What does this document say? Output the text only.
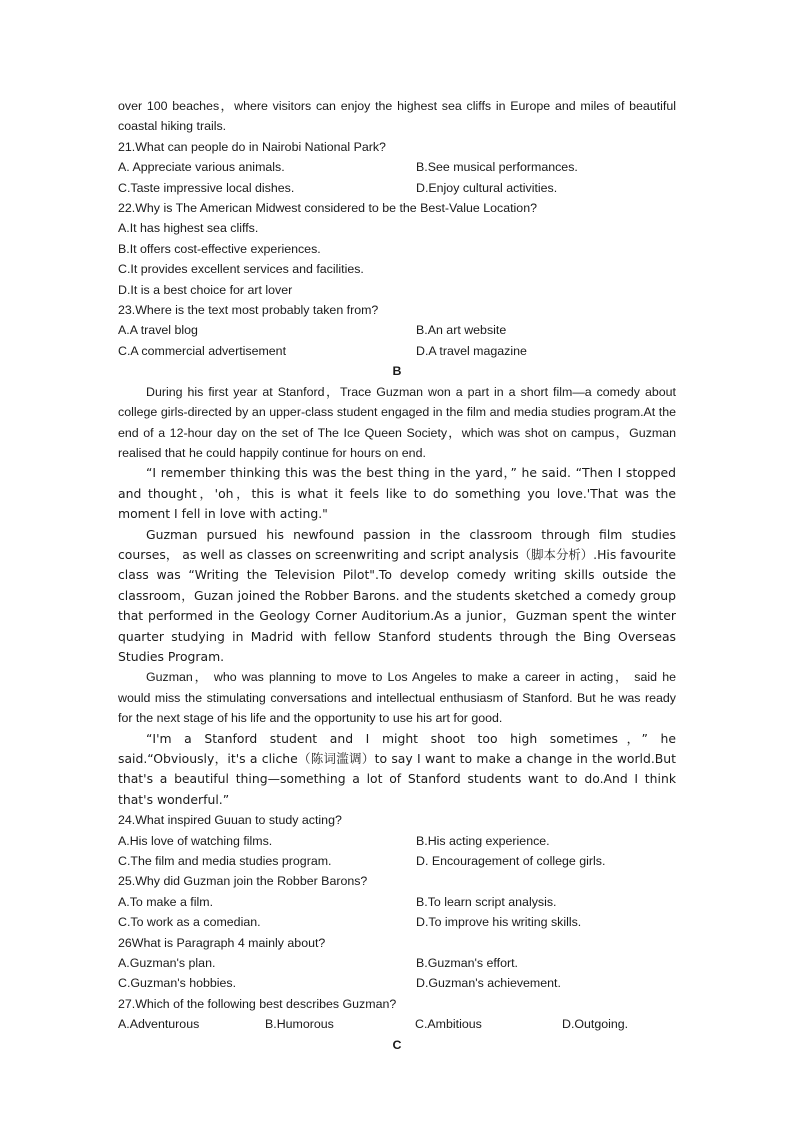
over 100 beaches，where visitors can enjoy the highest sea cliffs in Europe and miles of beautiful coastal hiking trails.

21.What can people do in Nairobi National Park?

A. Appreciate various animals.	B.See musical performances.
C.Taste impressive local dishes.	D.Enjoy cultural activities.

22.Why is The American Midwest considered to be the Best-Value Location?

A.It has highest sea cliffs.

B.It offers cost-effective experiences.

C.It provides excellent services and facilities.

D.It is a best choice for art lover

23.Where is the text most probably taken from?

A.A travel blog	B.An art website
C.A commercial advertisement	D.A travel magazine

B

During his first year at Stanford，Trace Guzman won a part in a short film—a comedy about college girls-directed by an upper-class student engaged in the film and media studies program.At the end of a 12-hour day on the set of The Ice Queen Society，which was shot on campus，Guzman realised that he could happily continue for hours on end.

“I remember thinking this was the best thing in the yard，” he said. “Then I stopped and thought，'oh，this is what it feels like to do something you love.'That was the moment I fell in love with acting."

Guzman pursued his newfound passion in the classroom through film studies courses， as well as classes on screenwriting and script analysis（脚本分析）.His favourite class was “Writing the Television Pilot".To develop comedy writing skills outside the classroom，Guzan joined the Robber Barons. and the students sketched a comedy group that performed in the Geology Corner Auditorium.As a junior，Guzman spent the winter quarter studying in Madrid with fellow Stanford students through the Bing Overseas Studies Program.

Guzman， who was planning to move to Los Angeles to make a career in acting， said he would miss the stimulating conversations and intellectual enthusiasm of Stanford. But he was ready for the next stage of his life and the opportunity to use his art for good.

“I'm a Stanford student and I might shoot too high sometimes，” he said.“Obviously，it's a cliche（陈词滥调）to say I want to make a change in the world.But that's a beautiful thing—something a lot of Stanford students want to do.And I think that's wonderful.”

24.What inspired Guuan to study acting?

A.His love of watching films.	B.His acting experience.
C.The film and media studies program.	D. Encouragement of college girls.

25.Why did Guzman join the Robber Barons?

A.To make a film.	B.To learn script analysis.
C.To work as a comedian.	D.To improve his writing skills.

26What is Paragraph 4 mainly about?

A.Guzman's plan.	B.Guzman's effort.
C.Guzman's hobbies.	D.Guzman's achievement.

27.Which of the following best describes Guzman?

A.Adventurous	B.Humorous	C.Ambitious	D.Outgoing.

C
